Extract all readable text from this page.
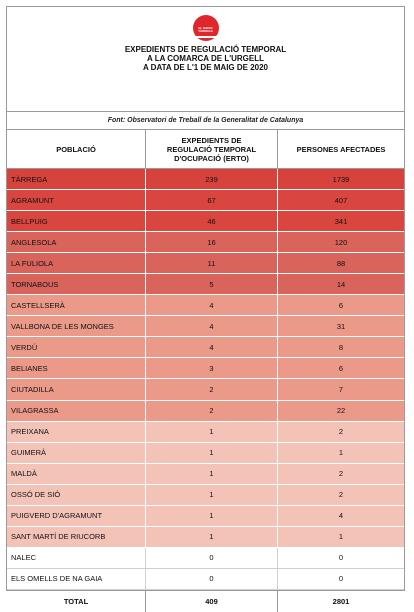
EL RADIO TÀRREGA
EXPEDIENTS DE REGULACIÓ TEMPORAL
A LA COMARCA DE L'URGELL
A DATA DE L'1 DE MAIG DE 2020
Font: Observatori de Treball de la Generalitat de Catalunya
POBLACIÓ
EXPEDIENTS DE REGULACIÓ TEMPORAL D'OCUPACIÓ (ERTO)
PERSONES AFECTADES
TÀRREGA	239	1739
AGRAMUNT	67	407
BELLPUIG	46	341
ANGLESOLA	16	120
LA FULIOLA	11	88
TORNABOUS	5	14
CASTELLSERÀ	4	6
VALLBONA DE LES MONGES	4	31
VERDÚ	4	8
BELIANES	3	6
CIUTADILLA	2	7
VILAGRASSA	2	22
PREIXANA	1	2
GUIMERÀ	1	1
MALDÀ	1	2
OSSÓ DE SIÓ	1	2
PUIGVERD D'AGRAMUNT	1	4
SANT MARTÍ DE RIUCORB	1	1
NALEC	0	0
ELS OMELLS DE NA GAIA	0	0
TOTAL	409	2801
